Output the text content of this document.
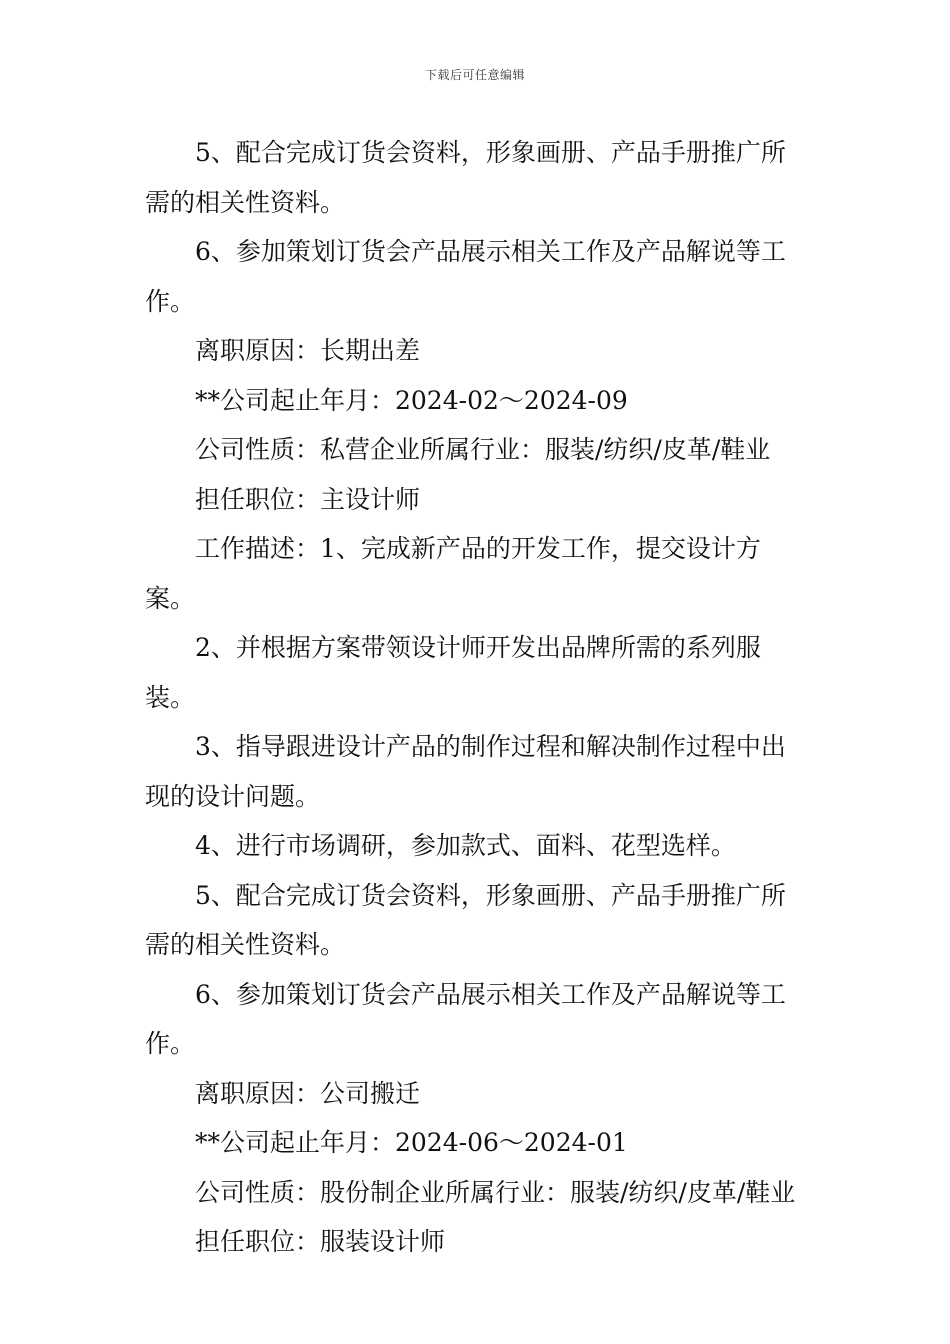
下载后可任意编辑

5、配合完成订货会资料，形象画册、产品手册推广所需的相关性资料。

6、参加策划订货会产品展示相关工作及产品解说等工作。

离职原因：长期出差

**公司起止年月：2024-02～2024-09

公司性质：私营企业所属行业：服装/纺织/皮革/鞋业

担任职位：主设计师

工作描述：1、完成新产品的开发工作，提交设计方案。

2、并根据方案带领设计师开发出品牌所需的系列服装。

3、指导跟进设计产品的制作过程和解决制作过程中出现的设计问题。

4、进行市场调研，参加款式、面料、花型选样。

5、配合完成订货会资料，形象画册、产品手册推广所需的相关性资料。

6、参加策划订货会产品展示相关工作及产品解说等工作。

离职原因：公司搬迁

**公司起止年月：2024-06～2024-01

公司性质：股份制企业所属行业：服装/纺织/皮革/鞋业

担任职位：服装设计师
